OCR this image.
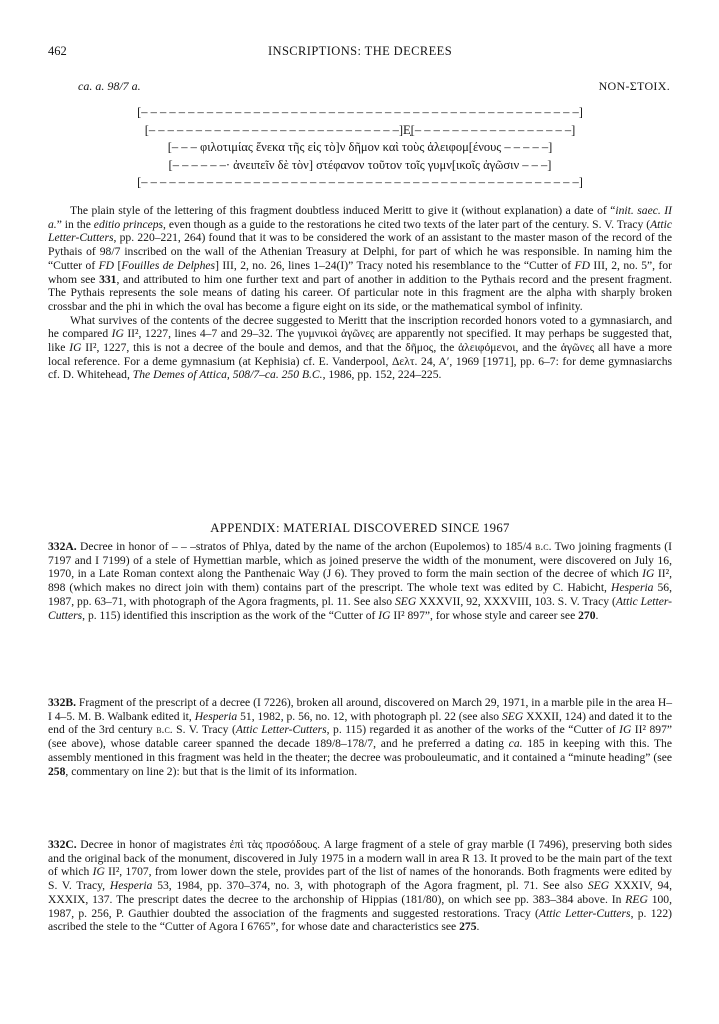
462	INSCRIPTIONS: THE DECREES
ca. a. 98/7 a.	ΝΟΝ-ΣΤΟΙΧ.
[– – – – – – – – – – – – – – – – – – – – – – – – – – – – – – – – – – – – – – – – – – – – – – –]
[– – – – – – – – – – – – – – – – – – – – – – – – – – –]Ε̣[– – – – – – – – – – – – – – – – –]
[– – – φιλοτιμίας ἕνεκα τῆς εἰς τὸ]ν δῆμον καὶ τοὺς ἀλειφομ[ένους – – – – –]
[– – – – – –· ἀνειπεῖν δὲ τὸν] στέφανον τοῦτον τοῖς γυμν[ικοῖς ἀγῶσιν – – –]
[– – – – – – – – – – – – – – – – – – – – – – – – – – – – – – – – – – – – – – – – – – – – – – –]

The plain style of the lettering of this fragment doubtless induced Meritt to give it (without explanation) a date of “init. saec. II a.” in the editio princeps, even though as a guide to the restorations he cited two texts of the later part of the century. S. V. Tracy (Attic Letter-Cutters, pp. 220–221, 264) found that it was to be considered the work of an assistant to the master mason of the record of the Pythais of 98/7 inscribed on the wall of the Athenian Treasury at Delphi, for part of which he was responsible. In naming him the “Cutter of FD [Fouilles de Delphes] III, 2, no. 26, lines 1–24(I)” Tracy noted his resemblance to the “Cutter of FD III, 2, no. 5”, for whom see 331, and attributed to him one further text and part of another in addition to the Pythais record and the present fragment. The Pythais represents the sole means of dating his career. Of particular note in this fragment are the alpha with sharply broken crossbar and the phi in which the oval has become a figure eight on its side, or the mathematical symbol of infinity.

What survives of the contents of the decree suggested to Meritt that the inscription recorded honors voted to a gymnasiarch, and he compared IG II², 1227, lines 4–7 and 29–32. The γυμνικοὶ ἀγῶνες are apparently not specified. It may perhaps be suggested that, like IG II², 1227, this is not a decree of the boule and demos, and that the δῆμος, the ἀλειφόμενοι, and the ἀγῶνες all have a more local reference. For a deme gymnasium (at Kephisia) cf. E. Vanderpool, Δελτ. 24, Α′, 1969 [1971], pp. 6–7: for deme gymnasiarchs cf. D. Whitehead, The Demes of Attica, 508/7–ca. 250 B.C., 1986, pp. 152, 224–225.

APPENDIX: MATERIAL DISCOVERED SINCE 1967

332A. Decree in honor of – – –stratos of Phlya, dated by the name of the archon (Eupolemos) to 185/4 b.c. Two joining fragments (I 7197 and I 7199) of a stele of Hymettian marble, which as joined preserve the width of the monument, were discovered on July 16, 1970, in a Late Roman context along the Panthenaic Way (J 6). They proved to form the main section of the decree of which IG II², 898 (which makes no direct join with them) contains part of the prescript. The whole text was edited by C. Habicht, Hesperia 56, 1987, pp. 63–71, with photograph of the Agora fragments, pl. 11. See also SEG XXXVII, 92, XXXVIII, 103. S. V. Tracy (Attic Letter-Cutters, p. 115) identified this inscription as the work of the “Cutter of IG II² 897”, for whose style and career see 270.

332B. Fragment of the prescript of a decree (I 7226), broken all around, discovered on March 29, 1971, in a marble pile in the area H–I 4–5. M. B. Walbank edited it, Hesperia 51, 1982, p. 56, no. 12, with photograph pl. 22 (see also SEG XXXII, 124) and dated it to the end of the 3rd century b.c. S. V. Tracy (Attic Letter-Cutters, p. 115) regarded it as another of the works of the “Cutter of IG II² 897” (see above), whose datable career spanned the decade 189/8–178/7, and he preferred a dating ca. 185 in keeping with this. The assembly mentioned in this fragment was held in the theater; the decree was probouleumatic, and it contained a “minute heading” (see 258, commentary on line 2): but that is the limit of its information.

332C. Decree in honor of magistrates ἐπὶ τὰς προσόδους. A large fragment of a stele of gray marble (I 7496), preserving both sides and the original back of the monument, discovered in July 1975 in a modern wall in area R 13. It proved to be the main part of the text of which IG II², 1707, from lower down the stele, provides part of the list of names of the honorands. Both fragments were edited by S. V. Tracy, Hesperia 53, 1984, pp. 370–374, no. 3, with photograph of the Agora fragment, pl. 71. See also SEG XXXIV, 94, XXXIX, 137. The prescript dates the decree to the archonship of Hippias (181/80), on which see pp. 383–384 above. In REG 100, 1987, p. 256, P. Gauthier doubted the association of the fragments and suggested restorations. Tracy (Attic Letter-Cutters, p. 122) ascribed the stele to the “Cutter of Agora I 6765”, for whose date and characteristics see 275.
